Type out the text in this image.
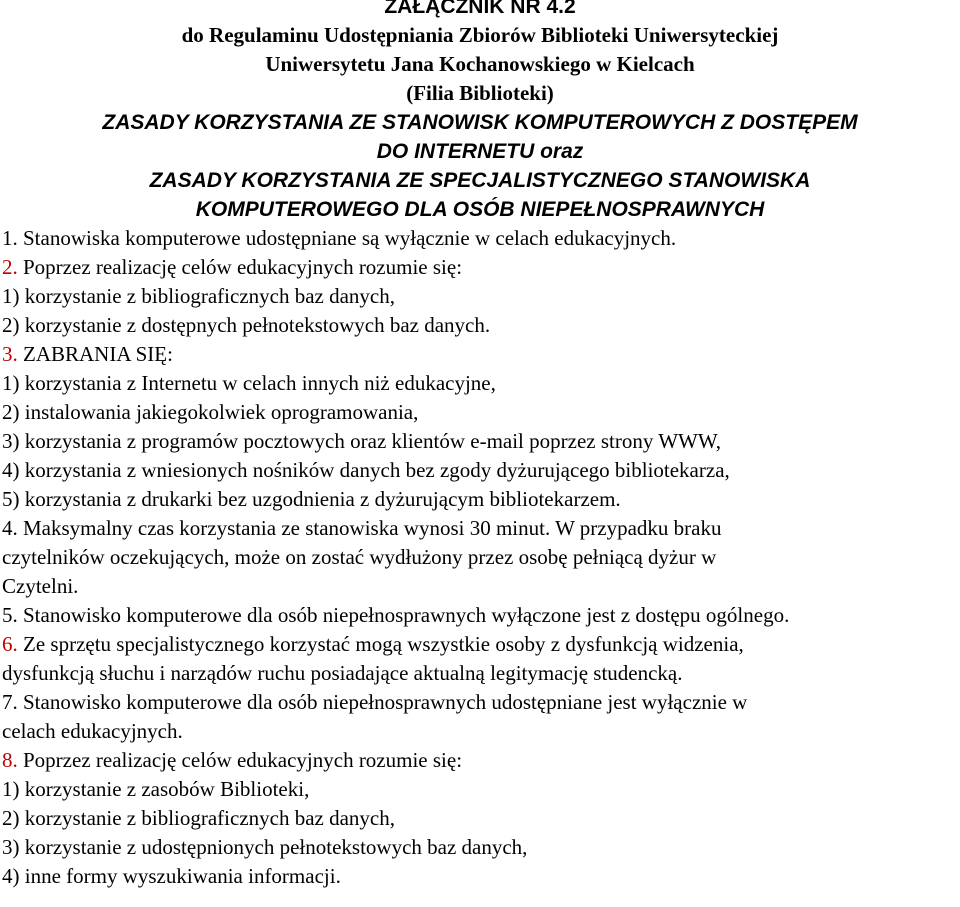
ZAŁĄCZNIK NR 4.2
do Regulaminu Udostępniania Zbiorów Biblioteki Uniwersyteckiej
Uniwersytetu Jana Kochanowskiego w Kielcach
(Filia Biblioteki)
ZASADY KORZYSTANIA ZE STANOWISK KOMPUTEROWYCH Z DOSTĘPEM
DO INTERNETU oraz
ZASADY KORZYSTANIA ZE SPECJALISTYCZNEGO STANOWISKA
KOMPUTEROWEGO DLA OSÓB NIEPEŁNOSPRAWNYCH
1. Stanowiska komputerowe udostępniane są wyłącznie w celach edukacyjnych.
2. Poprzez realizację celów edukacyjnych rozumie się:
1) korzystanie z bibliograficznych baz danych,
2) korzystanie z dostępnych pełnotekstowych baz danych.
3. ZABRANIA SIĘ:
1) korzystania z Internetu w celach innych niż edukacyjne,
2) instalowania jakiegokolwiek oprogramowania,
3) korzystania z programów pocztowych oraz klientów e-mail poprzez strony WWW,
4) korzystania z wniesionych nośników danych bez zgody dyżurującego bibliotekarza,
5) korzystania z drukarki bez uzgodnienia z dyżurującym bibliotekarzem.
4. Maksymalny czas korzystania ze stanowiska wynosi 30 minut. W przypadku braku
czytelników oczekujących, może on zostać wydłużony przez osobę pełniącą dyżur w
Czytelni.
5. Stanowisko komputerowe dla osób niepełnosprawnych wyłączone jest z dostępu ogólnego.
6. Ze sprzętu specjalistycznego korzystać mogą wszystkie osoby z dysfunkcją widzenia,
dysfunkcją słuchu i narządów ruchu posiadające aktualną legitymację studencką.
7. Stanowisko komputerowe dla osób niepełnosprawnych udostępniane jest wyłącznie w
celach edukacyjnych.
8. Poprzez realizację celów edukacyjnych rozumie się:
1) korzystanie z zasobów Biblioteki,
2) korzystanie z bibliograficznych baz danych,
3) korzystanie z udostępnionych pełnotekstowych baz danych,
4) inne formy wyszukiwania informacji.
